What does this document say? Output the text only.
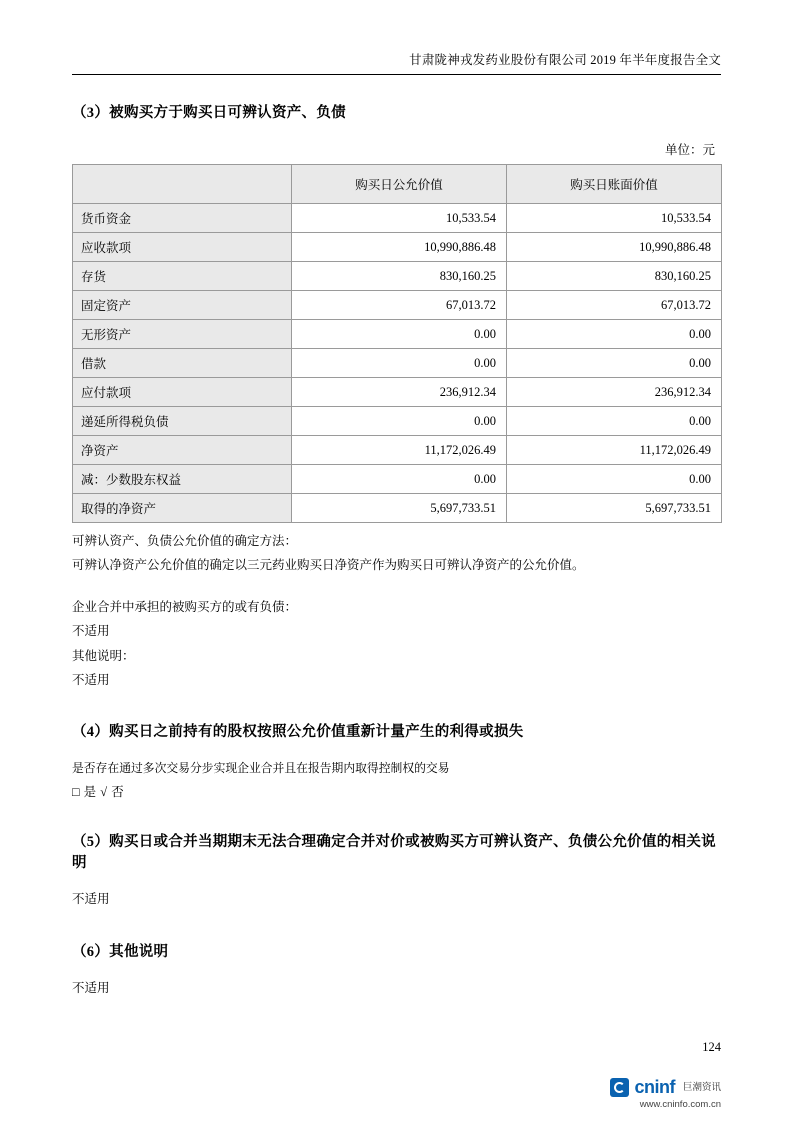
甘肃陇神戎发药业股份有限公司 2019 年半年度报告全文
（3）被购买方于购买日可辨认资产、负债
单位：元
	购买日公允价值	购买日账面价值
货币资金	10,533.54	10,533.54
应收款项	10,990,886.48	10,990,886.48
存货	830,160.25	830,160.25
固定资产	67,013.72	67,013.72
无形资产	0.00	0.00
借款	0.00	0.00
应付款项	236,912.34	236,912.34
递延所得税负债	0.00	0.00
净资产	11,172,026.49	11,172,026.49
减：少数股东权益	0.00	0.00
取得的净资产	5,697,733.51	5,697,733.51

可辨认资产、负债公允价值的确定方法：

可辨认净资产公允价值的确定以三元药业购买日净资产作为购买日可辨认净资产的公允价值。

企业合并中承担的被购买方的或有负债：

不适用

其他说明：

不适用

（4）购买日之前持有的股权按照公允价值重新计量产生的利得或损失

是否存在通过多次交易分步实现企业合并且在报告期内取得控制权的交易

□ 是 √ 否

（5）购买日或合并当期期末无法合理确定合并对价或被购买方可辨认资产、负债公允价值的相关说明

不适用

（6）其他说明

不适用

124
cninf 巨潮资讯
www.cninfo.com.cn
